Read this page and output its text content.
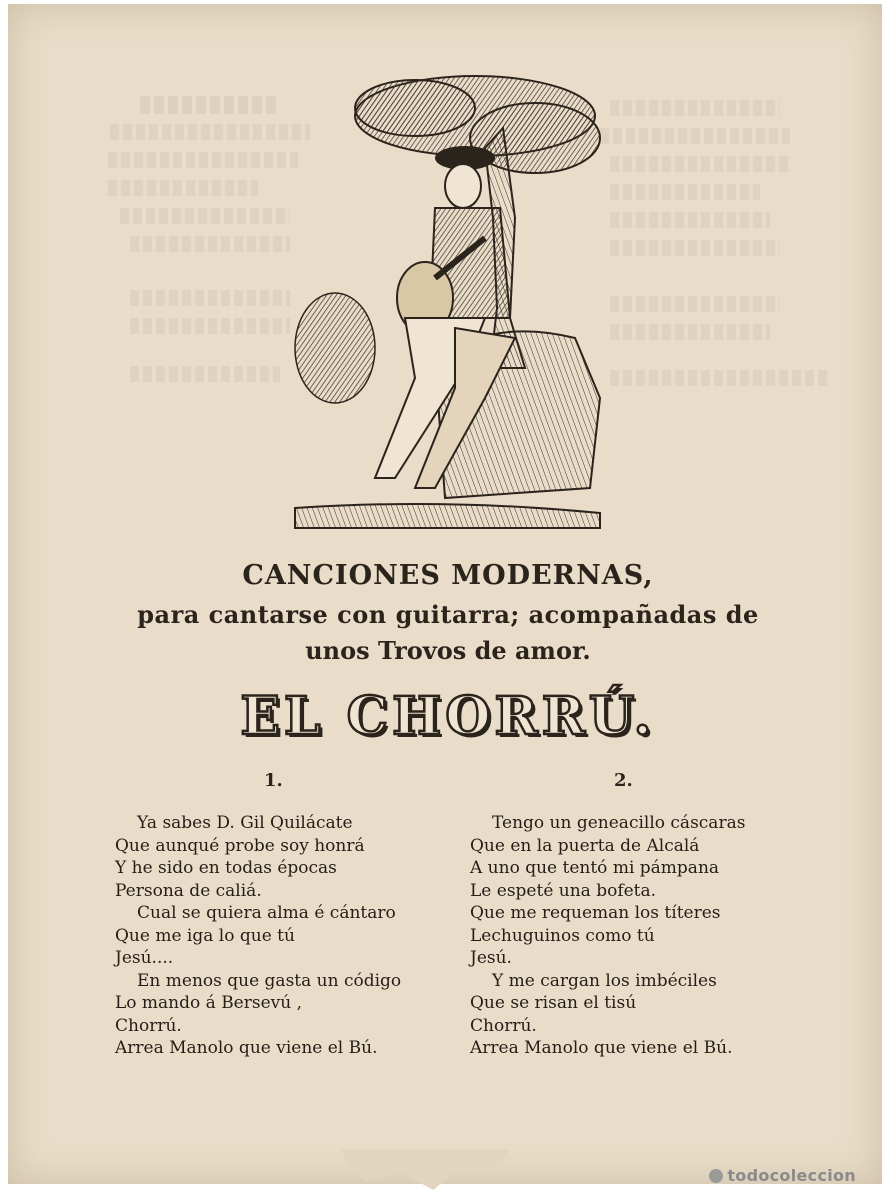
CANCIONES MODERNAS,
para cantarse con guitarra; acompañadas de
unos Trovos de amor.
EL CHORRÚ.
1.	2.
Ya sabes D. Gil Quilácate
Que aunqué probe soy honrá
Y he sido en todas épocas
Persona de caliá.
Cual se quiera alma é cántaro
Que me iga lo que tú
Jesú....
En menos que gasta un código
Lo mando á Bersevú ,
Chorrú.
Arrea Manolo que viene el Bú.
Tengo un geneacillo cáscaras
Que en la puerta de Alcalá
A uno que tentó mi pámpana
Le espeté una bofeta.
Que me requeman los títeres
Lechuguinos como tú
Jesú.
Y me cargan los imbéciles
Que se risan el tisú
Chorrú.
Arrea Manolo que viene el Bú.
todocoleccion
